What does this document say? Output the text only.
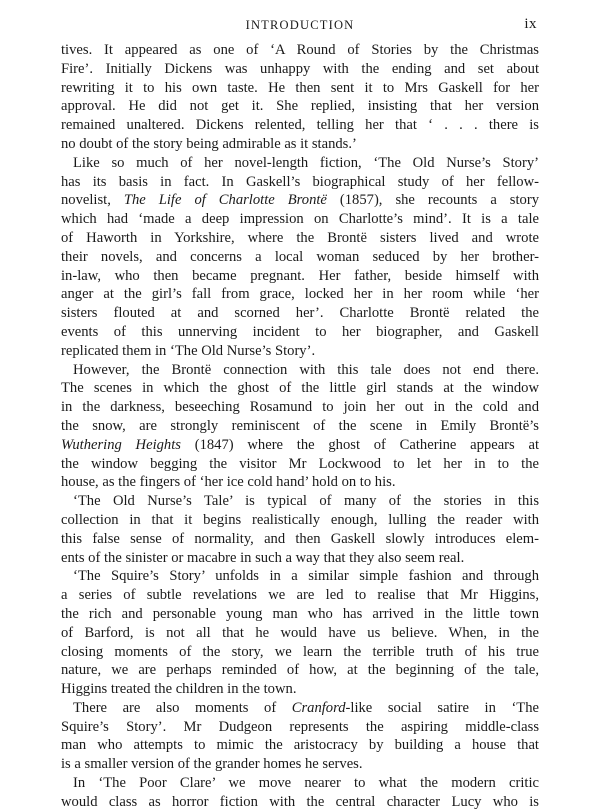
INTRODUCTION	ix
tives. It appeared as one of ‘A Round of Stories by the Christmas
Fire’. Initially Dickens was unhappy with the ending and set about
rewriting it to his own taste. He then sent it to Mrs Gaskell for her
approval. He did not get it. She replied, insisting that her version
remained unaltered. Dickens relented, telling her that ‘ . . . there is
no doubt of the story being admirable as it stands.’
Like so much of her novel-length fiction, ‘The Old Nurse’s Story’
has its basis in fact. In Gaskell’s biographical study of her fellow-
novelist, The Life of Charlotte Brontë (1857), she recounts a story
which had ‘made a deep impression on Charlotte’s mind’. It is a tale
of Haworth in Yorkshire, where the Brontë sisters lived and wrote
their novels, and concerns a local woman seduced by her brother-
in-law, who then became pregnant. Her father, beside himself with
anger at the girl’s fall from grace, locked her in her room while ‘her
sisters flouted at and scorned her’. Charlotte Brontë related the
events of this unnerving incident to her biographer, and Gaskell
replicated them in ‘The Old Nurse’s Story’.
However, the Brontë connection with this tale does not end there.
The scenes in which the ghost of the little girl stands at the window
in the darkness, beseeching Rosamund to join her out in the cold and
the snow, are strongly reminiscent of the scene in Emily Brontë’s
Wuthering Heights (1847) where the ghost of Catherine appears at
the window begging the visitor Mr Lockwood to let her in to the
house, as the fingers of ‘her ice cold hand’ hold on to his.
‘The Old Nurse’s Tale’ is typical of many of the stories in this
collection in that it begins realistically enough, lulling the reader with
this false sense of normality, and then Gaskell slowly introduces elem-
ents of the sinister or macabre in such a way that they also seem real.
‘The Squire’s Story’ unfolds in a similar simple fashion and through
a series of subtle revelations we are led to realise that Mr Higgins,
the rich and personable young man who has arrived in the little town
of Barford, is not all that he would have us believe. When, in the
closing moments of the story, we learn the terrible truth of his true
nature, we are perhaps reminded of how, at the beginning of the tale,
Higgins treated the children in the town.
There are also moments of Cranford-like social satire in ‘The
Squire’s Story’. Mr Dudgeon represents the aspiring middle-class
man who attempts to mimic the aristocracy by building a house that
is a smaller version of the grander homes he serves.
In ‘The Poor Clare’ we move nearer to what the modern critic
would class as horror fiction with the central character Lucy who is
